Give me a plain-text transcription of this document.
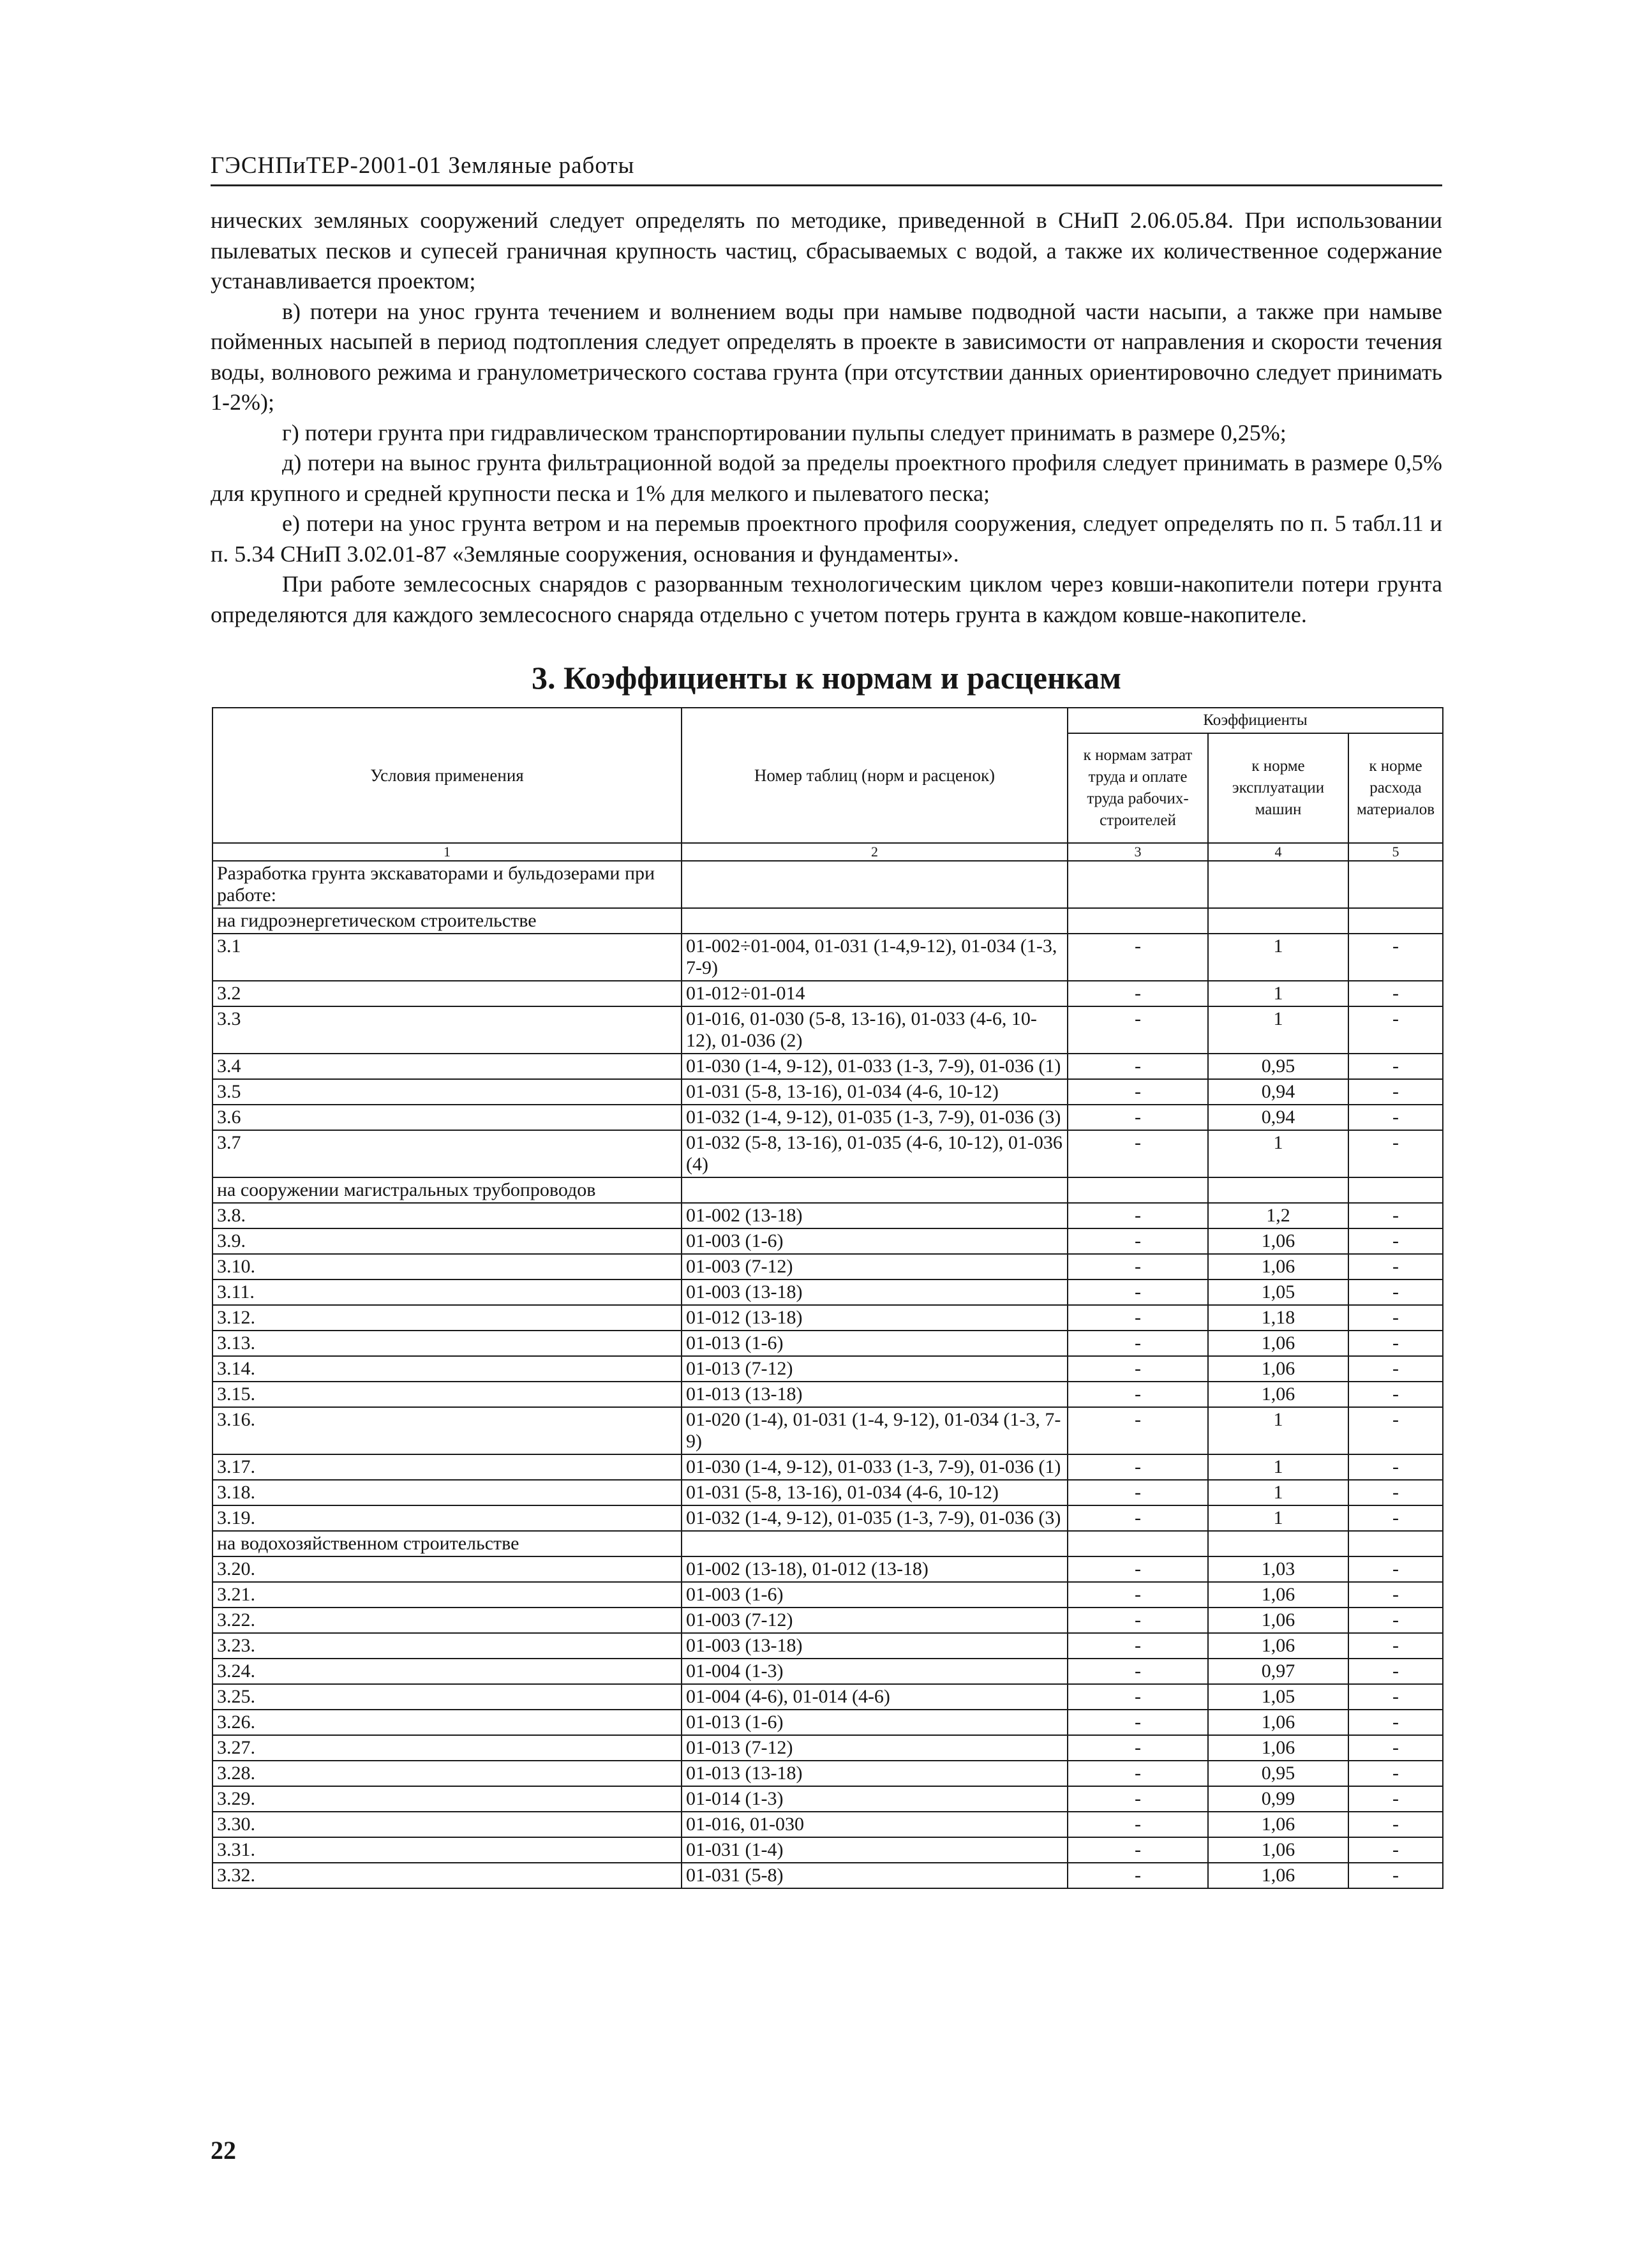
ГЭСНПиТЕР-2001-01 Земляные работы

нических земляных сооружений следует определять по методике, приведенной в СНиП 2.06.05.84. При использовании пылеватых песков и супесей граничная крупность частиц, сбрасываемых с водой, а также их количественное содержание устанавливается проектом;

в) потери на унос грунта течением и волнением воды при намыве подводной части насыпи, а также при намыве пойменных насыпей в период подтопления следует определять в проекте в зависимости от направления и скорости течения воды, волнового режима и гранулометрического состава грунта (при отсутствии данных ориентировочно следует принимать 1-2%);

г) потери грунта при гидравлическом транспортировании пульпы следует принимать в размере 0,25%;

д) потери на вынос грунта фильтрационной водой за пределы проектного профиля следует принимать в размере 0,5% для крупного и средней крупности песка и 1% для мелкого и пылеватого песка;

е) потери на унос грунта ветром и на перемыв проектного профиля сооружения, следует определять по п. 5 табл.11 и п. 5.34 СНиП 3.02.01-87 «Земляные сооружения, основания и фундаменты».

При работе землесосных снарядов с разорванным технологическим циклом через ковши-накопители потери грунта определяются для каждого землесосного снаряда отдельно с учетом потерь грунта в каждом ковше-накопителе.

3. Коэффициенты к нормам и расценкам
Условия применения	Номер таблиц (норм и расценок)	Коэффициенты		
		к нормам затрат труда и оплате труда рабочих-строителей	к норме эксплуатации машин	к норме расхода материалов
1	2	3	4	5
Разработка грунта экскаваторами и бульдозерами при работе:				
на гидроэнергетическом строительстве				
3.1	01-002÷01-004, 01-031 (1-4,9-12), 01-034 (1-3, 7-9)	-	1	-
3.2	01-012÷01-014	-	1	-
3.3	01-016, 01-030 (5-8, 13-16), 01-033 (4-6, 10-12), 01-036 (2)	-	1	-
3.4	01-030 (1-4, 9-12), 01-033 (1-3, 7-9), 01-036 (1)	-	0,95	-
3.5	01-031 (5-8, 13-16), 01-034 (4-6, 10-12)	-	0,94	-
3.6	01-032 (1-4, 9-12), 01-035 (1-3, 7-9), 01-036 (3)	-	0,94	-
3.7	01-032 (5-8, 13-16), 01-035 (4-6, 10-12), 01-036 (4)	-	1	-
на сооружении магистральных трубопроводов				
3.8.	01-002 (13-18)	-	1,2	-
3.9.	01-003 (1-6)	-	1,06	-
3.10.	01-003 (7-12)	-	1,06	-
3.11.	01-003 (13-18)	-	1,05	-
3.12.	01-012 (13-18)	-	1,18	-
3.13.	01-013 (1-6)	-	1,06	-
3.14.	01-013 (7-12)	-	1,06	-
3.15.	01-013 (13-18)	-	1,06	-
3.16.	01-020 (1-4), 01-031 (1-4, 9-12), 01-034 (1-3, 7-9)	-	1	-
3.17.	01-030 (1-4, 9-12), 01-033 (1-3, 7-9), 01-036 (1)	-	1	-
3.18.	01-031 (5-8, 13-16), 01-034 (4-6, 10-12)	-	1	-
3.19.	01-032 (1-4, 9-12), 01-035 (1-3, 7-9), 01-036 (3)	-	1	-
на водохозяйственном строительстве				
3.20.	01-002 (13-18), 01-012 (13-18)	-	1,03	-
3.21.	01-003 (1-6)	-	1,06	-
3.22.	01-003 (7-12)	-	1,06	-
3.23.	01-003 (13-18)	-	1,06	-
3.24.	01-004 (1-3)	-	0,97	-
3.25.	01-004 (4-6), 01-014 (4-6)	-	1,05	-
3.26.	01-013 (1-6)	-	1,06	-
3.27.	01-013 (7-12)	-	1,06	-
3.28.	01-013 (13-18)	-	0,95	-
3.29.	01-014 (1-3)	-	0,99	-
3.30.	01-016, 01-030	-	1,06	-
3.31.	01-031 (1-4)	-	1,06	-
3.32.	01-031 (5-8)	-	1,06	-
22
